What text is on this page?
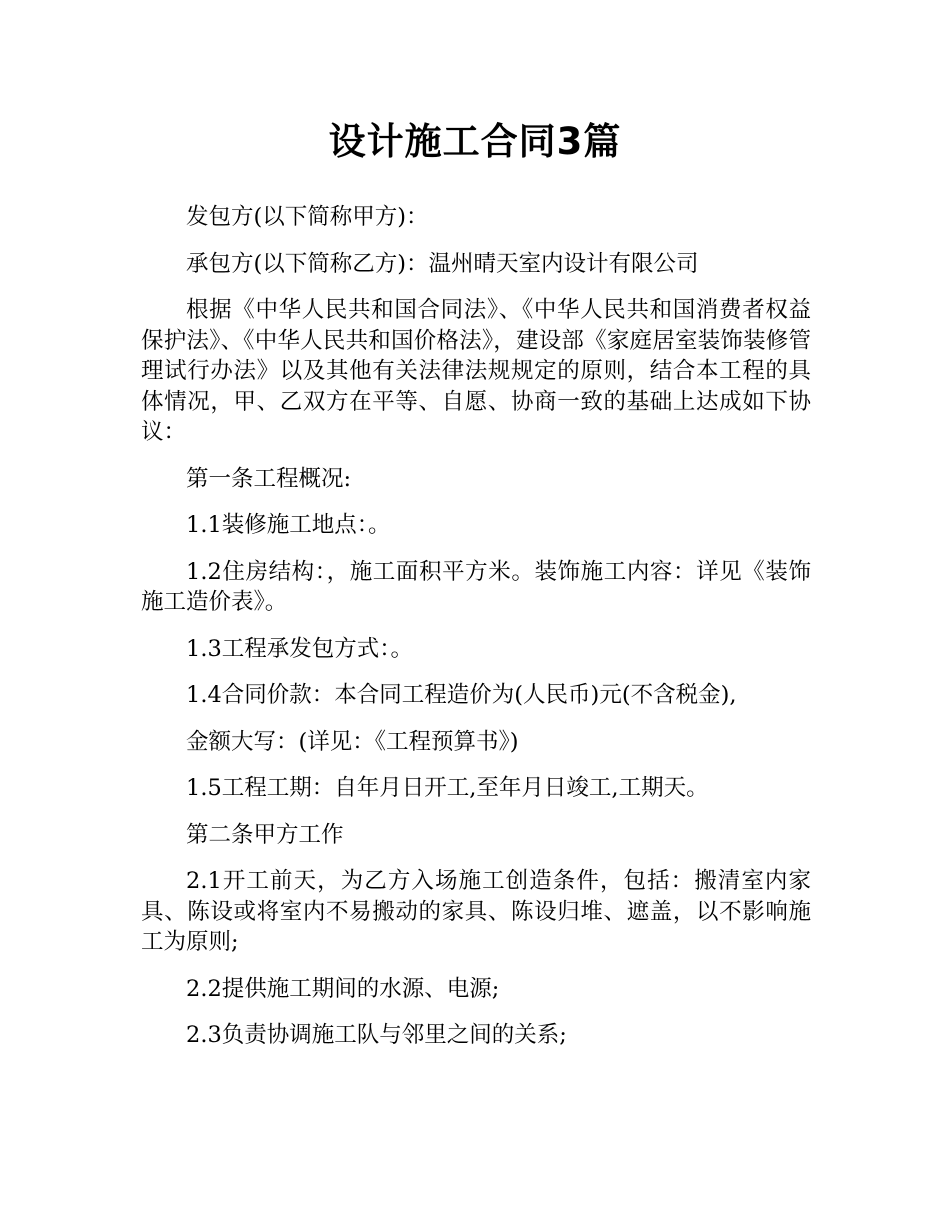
设计施工合同3篇

发包方(以下简称甲方)：

承包方(以下简称乙方)：温州晴天室内设计有限公司

根据《中华人民共和国合同法》、《中华人民共和国消费者权益保护法》、《中华人民共和国价格法》，建设部《家庭居室装饰装修管理试行办法》以及其他有关法律法规规定的原则，结合本工程的具体情况，甲、乙双方在平等、自愿、协商一致的基础上达成如下协议：

第一条工程概况:

1.1装修施工地点：。

1.2住房结构：，施工面积平方米。装饰施工内容：详见《装饰施工造价表》。

1.3工程承发包方式：。

1.4合同价款：本合同工程造价为(人民币)元(不含税金),

金额大写：(详见：《工程预算书》)

1.5工程工期：自年月日开工,至年月日竣工,工期天。

第二条甲方工作

2.1开工前天，为乙方入场施工创造条件，包括：搬清室内家具、陈设或将室内不易搬动的家具、陈设归堆、遮盖，以不影响施工为原则;

2.2提供施工期间的水源、电源;

2.3负责协调施工队与邻里之间的关系;
